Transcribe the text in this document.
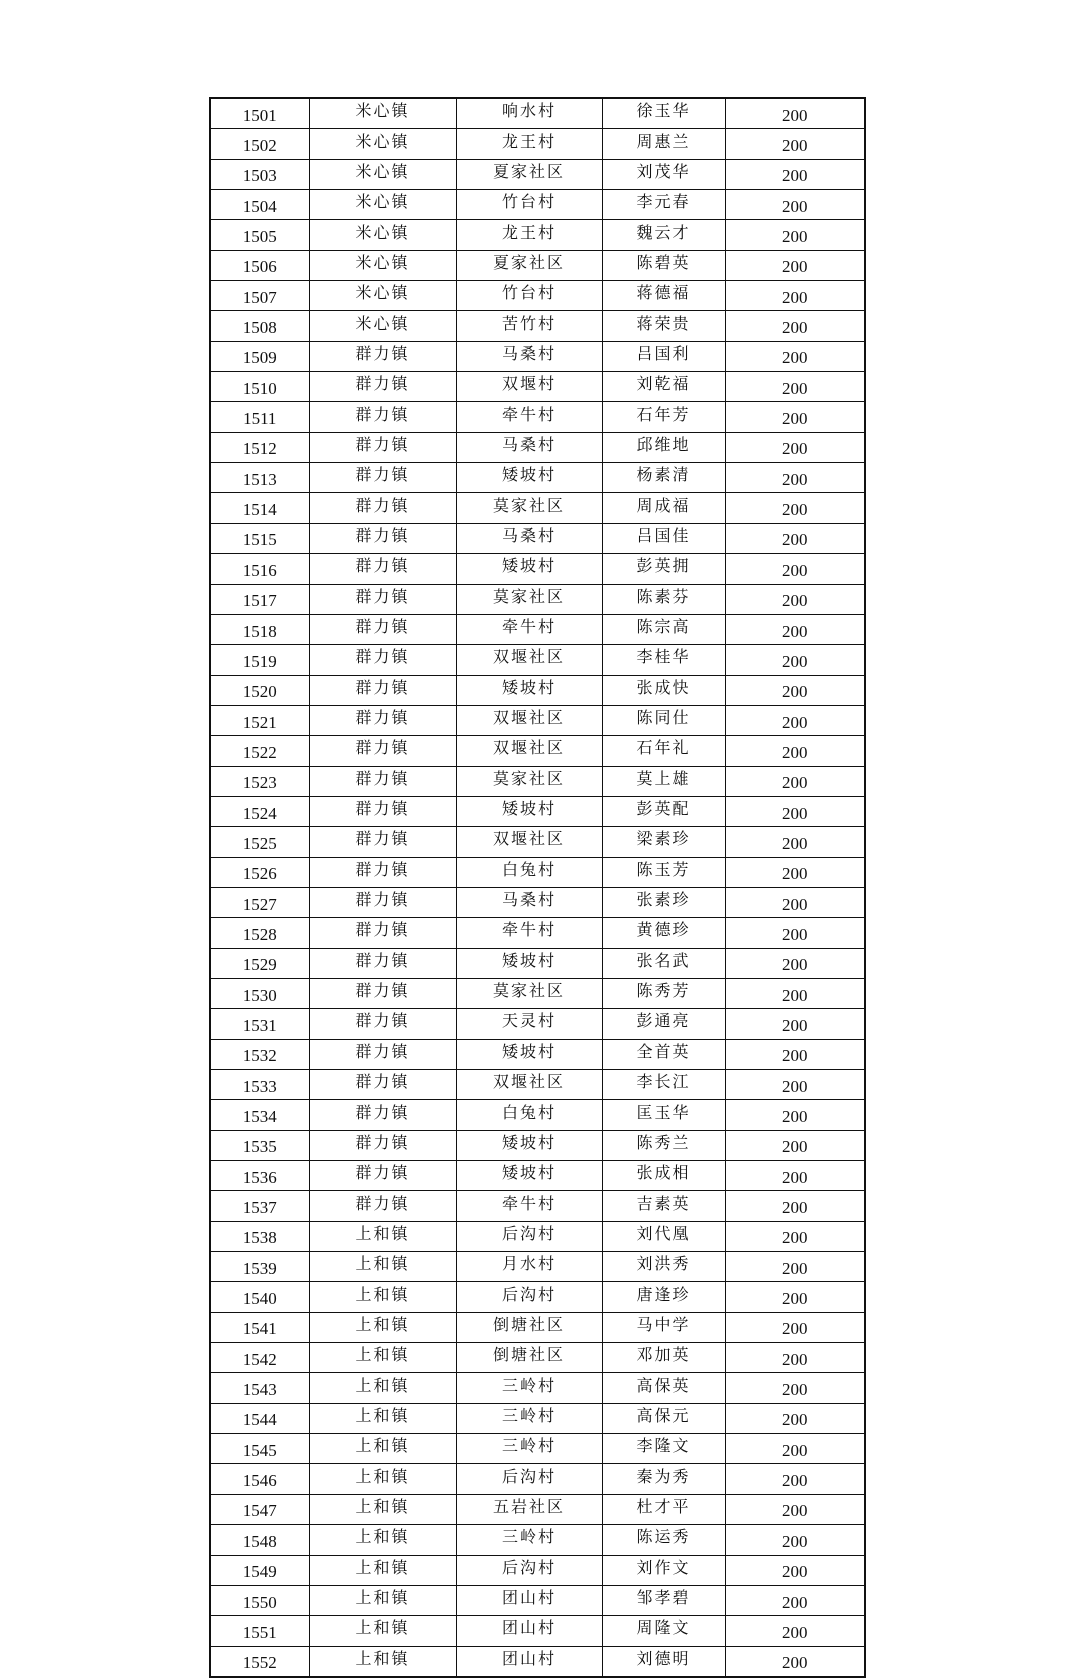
1501	米心镇	响水村	徐玉华	200
1502	米心镇	龙王村	周惠兰	200
1503	米心镇	夏家社区	刘茂华	200
1504	米心镇	竹台村	李元春	200
1505	米心镇	龙王村	魏云才	200
1506	米心镇	夏家社区	陈碧英	200
1507	米心镇	竹台村	蒋德福	200
1508	米心镇	苦竹村	蒋荣贵	200
1509	群力镇	马桑村	吕国利	200
1510	群力镇	双堰村	刘乾福	200
1511	群力镇	牵牛村	石年芳	200
1512	群力镇	马桑村	邱维地	200
1513	群力镇	矮坡村	杨素清	200
1514	群力镇	莫家社区	周成福	200
1515	群力镇	马桑村	吕国佳	200
1516	群力镇	矮坡村	彭英拥	200
1517	群力镇	莫家社区	陈素芬	200
1518	群力镇	牵牛村	陈宗高	200
1519	群力镇	双堰社区	李桂华	200
1520	群力镇	矮坡村	张成快	200
1521	群力镇	双堰社区	陈同仕	200
1522	群力镇	双堰社区	石年礼	200
1523	群力镇	莫家社区	莫上雄	200
1524	群力镇	矮坡村	彭英配	200
1525	群力镇	双堰社区	梁素珍	200
1526	群力镇	白兔村	陈玉芳	200
1527	群力镇	马桑村	张素珍	200
1528	群力镇	牵牛村	黄德珍	200
1529	群力镇	矮坡村	张名武	200
1530	群力镇	莫家社区	陈秀芳	200
1531	群力镇	天灵村	彭通亮	200
1532	群力镇	矮坡村	全首英	200
1533	群力镇	双堰社区	李长江	200
1534	群力镇	白兔村	匡玉华	200
1535	群力镇	矮坡村	陈秀兰	200
1536	群力镇	矮坡村	张成相	200
1537	群力镇	牵牛村	吉素英	200
1538	上和镇	后沟村	刘代凰	200
1539	上和镇	月水村	刘洪秀	200
1540	上和镇	后沟村	唐逢珍	200
1541	上和镇	倒塘社区	马中学	200
1542	上和镇	倒塘社区	邓加英	200
1543	上和镇	三岭村	高保英	200
1544	上和镇	三岭村	高保元	200
1545	上和镇	三岭村	李隆文	200
1546	上和镇	后沟村	秦为秀	200
1547	上和镇	五岩社区	杜才平	200
1548	上和镇	三岭村	陈运秀	200
1549	上和镇	后沟村	刘作文	200
1550	上和镇	团山村	邹孝碧	200
1551	上和镇	团山村	周隆文	200
1552	上和镇	团山村	刘德明	200
